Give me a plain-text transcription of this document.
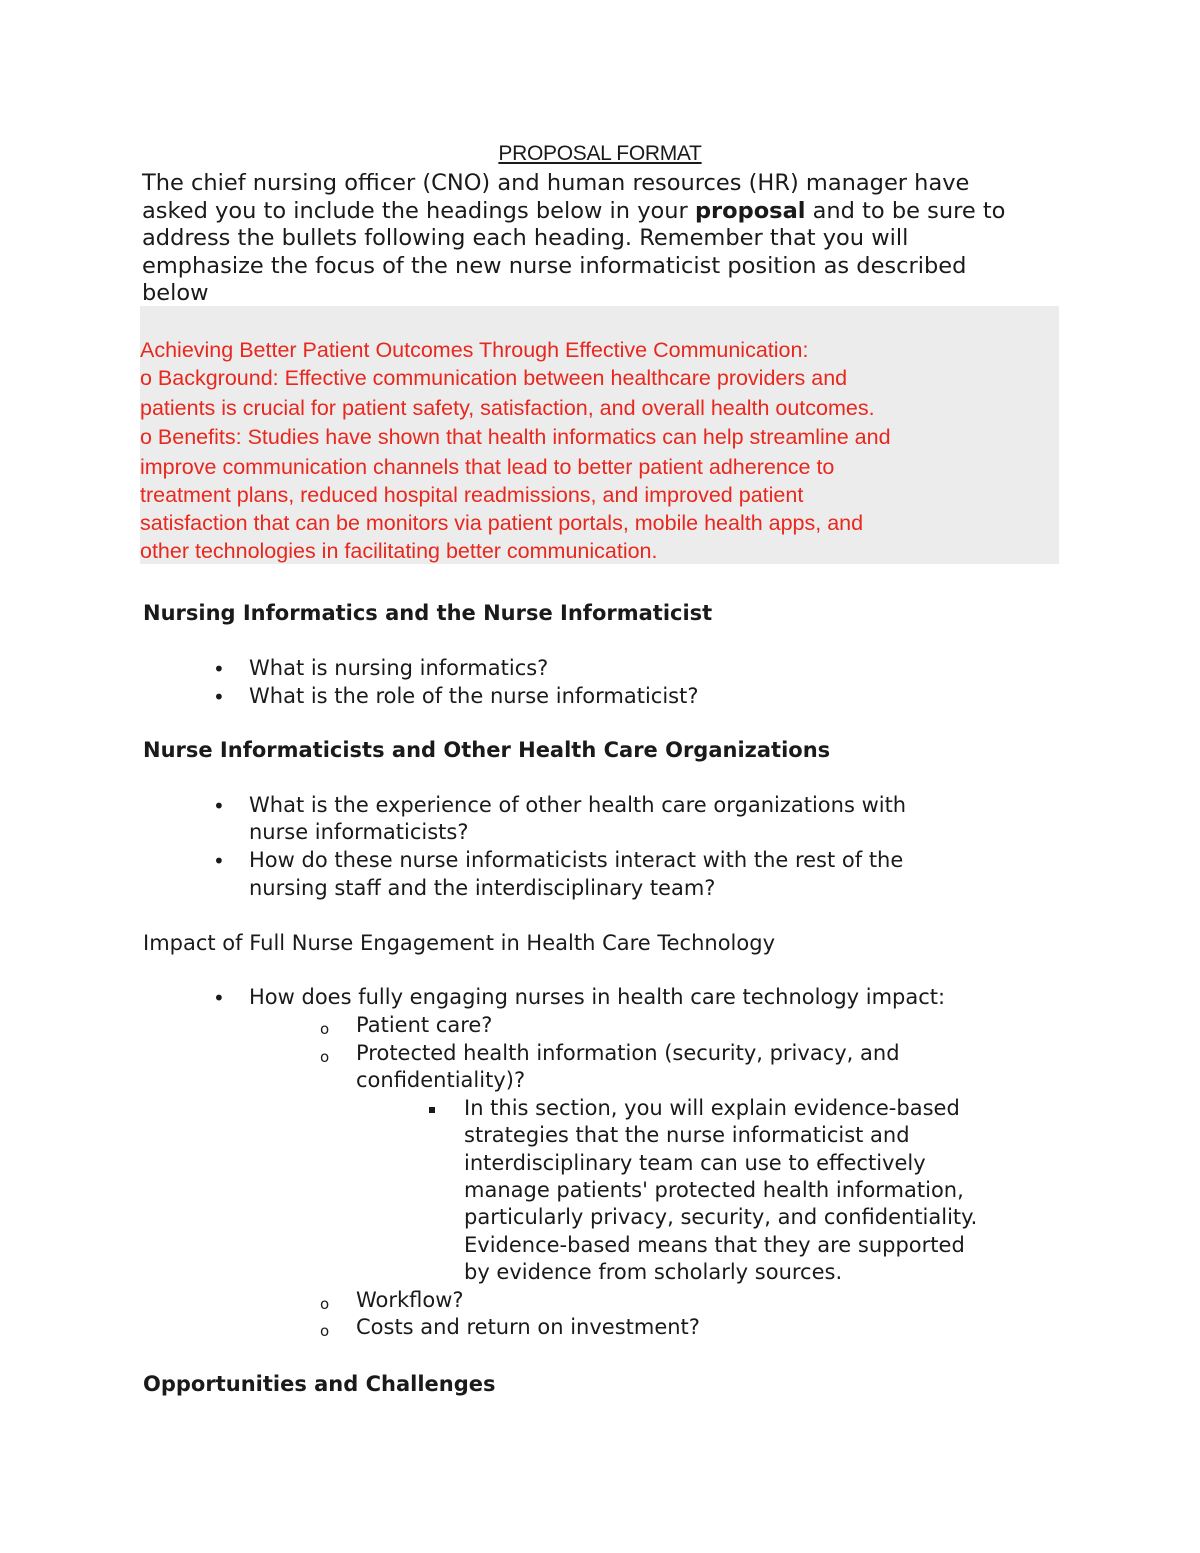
PROPOSAL FORMAT
The chief nursing officer (CNO) and human resources (HR) manager have
asked you to include the headings below in your proposal and to be sure to
address the bullets following each heading. Remember that you will
emphasize the focus of the new nurse informaticist position as described
below
Achieving Better Patient Outcomes Through Effective Communication:
o Background: Effective communication between healthcare providers and
patients is crucial for patient safety, satisfaction, and overall health outcomes.
o Benefits: Studies have shown that health informatics can help streamline and
improve communication channels that lead to better patient adherence to
treatment plans, reduced hospital readmissions, and improved patient
satisfaction that can be monitors via patient portals, mobile health apps, and
other technologies in facilitating better communication.
Nursing Informatics and the Nurse Informaticist
• What is nursing informatics?
• What is the role of the nurse informaticist?
Nurse Informaticists and Other Health Care Organizations
• What is the experience of other health care organizations with
nurse informaticists?
• How do these nurse informaticists interact with the rest of the
nursing staff and the interdisciplinary team?
Impact of Full Nurse Engagement in Health Care Technology
• How does fully engaging nurses in health care technology impact:
o Patient care?
o Protected health information (security, privacy, and
confidentiality)?
In this section, you will explain evidence-based
strategies that the nurse informaticist and
interdisciplinary team can use to effectively
manage patients' protected health information,
particularly privacy, security, and confidentiality.
Evidence-based means that they are supported
by evidence from scholarly sources.
o Workflow?
o Costs and return on investment?
Opportunities and Challenges
